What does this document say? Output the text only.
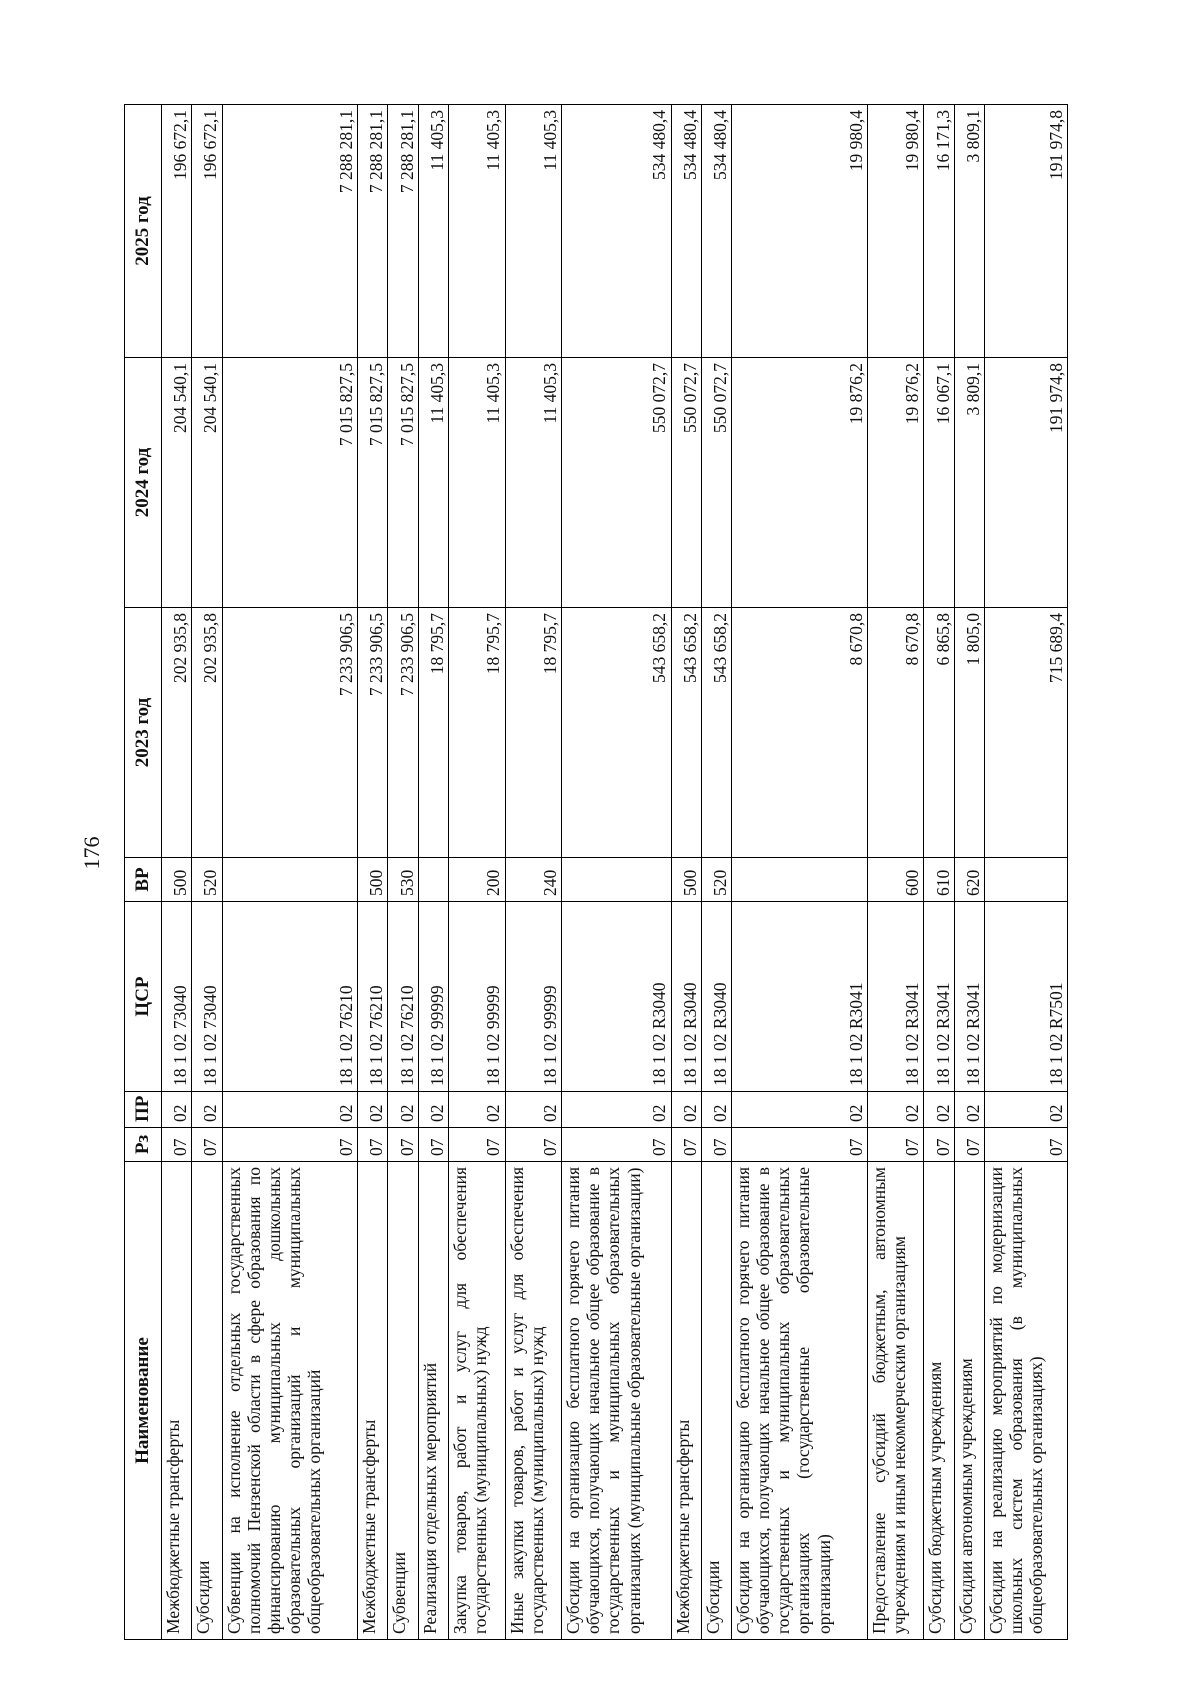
176
Наименование	Рз	ПР	ЦСР	ВР	2023 год	2024 год	2025 год
Межбюджетные трансферты	07	02	18 1 02 73040	500	202 935,8	204 540,1	196 672,1
Субсидии	07	02	18 1 02 73040	520	202 935,8	204 540,1	196 672,1
Субвенции на исполнение отдельных государственных полномочий Пензенской области в сфере образования по финансированию муниципальных дошкольных образовательных организаций и муниципальных общеобразовательных организаций	07	02	18 1 02 76210		7 233 906,5	7 015 827,5	7 288 281,1
Межбюджетные трансферты	07	02	18 1 02 76210	500	7 233 906,5	7 015 827,5	7 288 281,1
Субвенции	07	02	18 1 02 76210	530	7 233 906,5	7 015 827,5	7 288 281,1
Реализация отдельных мероприятий	07	02	18 1 02 99999		18 795,7	11 405,3	11 405,3
Закупка товаров, работ и услуг для обеспечения государственных (муниципальных) нужд	07	02	18 1 02 99999	200	18 795,7	11 405,3	11 405,3
Иные закупки товаров, работ и услуг для обеспечения государственных (муниципальных) нужд	07	02	18 1 02 99999	240	18 795,7	11 405,3	11 405,3
Субсидии на организацию бесплатного горячего питания обучающихся, получающих начальное общее образование в государственных и муниципальных образовательных организациях (муниципальные образовательные организации)	07	02	18 1 02 R3040		543 658,2	550 072,7	534 480,4
Межбюджетные трансферты	07	02	18 1 02 R3040	500	543 658,2	550 072,7	534 480,4
Субсидии	07	02	18 1 02 R3040	520	543 658,2	550 072,7	534 480,4
Субсидии на организацию бесплатного горячего питания обучающихся, получающих начальное общее образование в государственных и муниципальных образовательных организациях (государственные образовательные организации)	07	02	18 1 02 R3041		8 670,8	19 876,2	19 980,4
Предоставление субсидий бюджетным, автономным учреждениям и иным некоммерческим организациям	07	02	18 1 02 R3041	600	8 670,8	19 876,2	19 980,4
Субсидии бюджетным учреждениям	07	02	18 1 02 R3041	610	6 865,8	16 067,1	16 171,3
Субсидии автономным учреждениям	07	02	18 1 02 R3041	620	1 805,0	3 809,1	3 809,1
Субсидии на реализацию мероприятий по модернизации школьных систем образования (в муниципальных общеобразовательных организациях)	07	02	18 1 02 R7501		715 689,4	191 974,8	191 974,8
